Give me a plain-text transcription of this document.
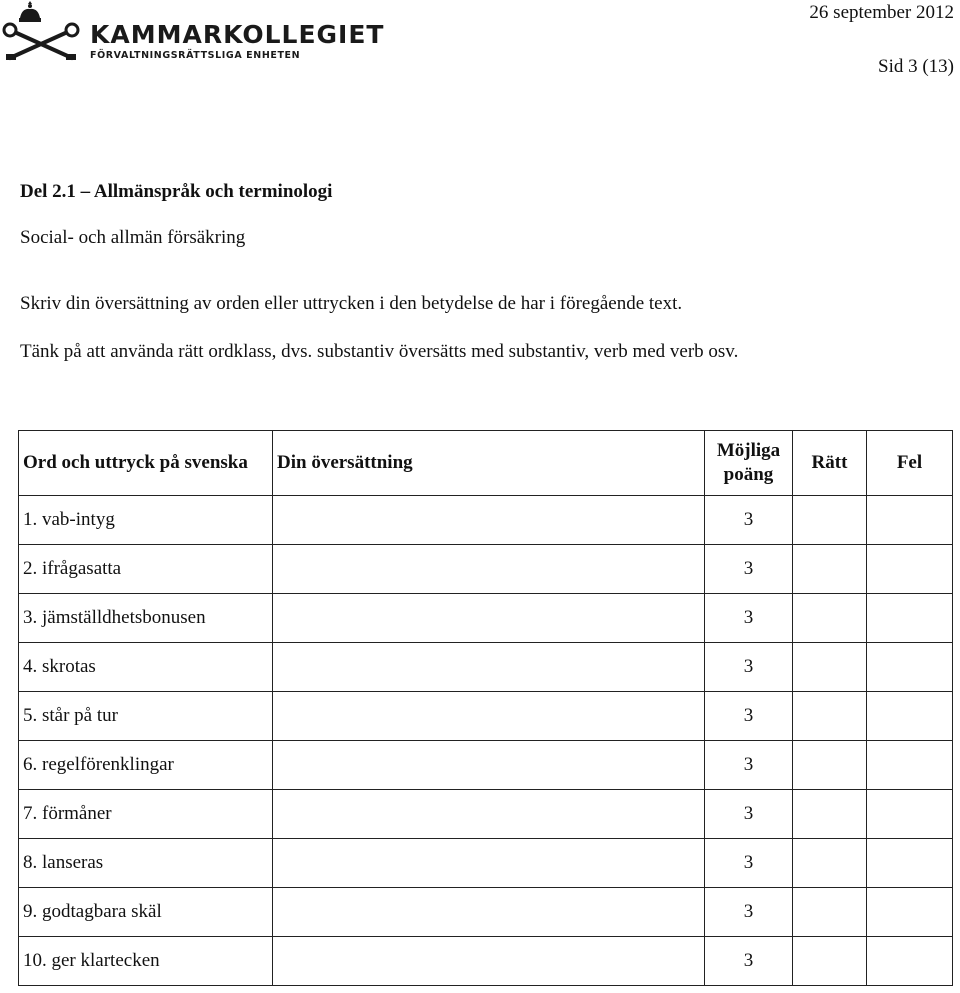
KAMMARKOLLEGIET
FÖRVALTNINGSRÄTTSLIGA ENHETEN
26 september 2012
Sid 3 (13)
Del 2.1 – Allmänspråk och terminologi
Social- och allmän försäkring
Skriv din översättning av orden eller uttrycken i den betydelse de har i föregående text.
Tänk på att använda rätt ordklass, dvs. substantiv översätts med substantiv, verb med verb osv.
Ord och uttryck på svenska	Din översättning	Möjliga poäng	Rätt	Fel
1. vab-intyg		3		
2. ifrågasatta		3		
3. jämställdhetsbonusen		3		
4. skrotas		3		
5. står på tur		3		
6. regelförenklingar		3		
7. förmåner		3		
8. lanseras		3		
9. godtagbara skäl		3		
10. ger klartecken		3		
